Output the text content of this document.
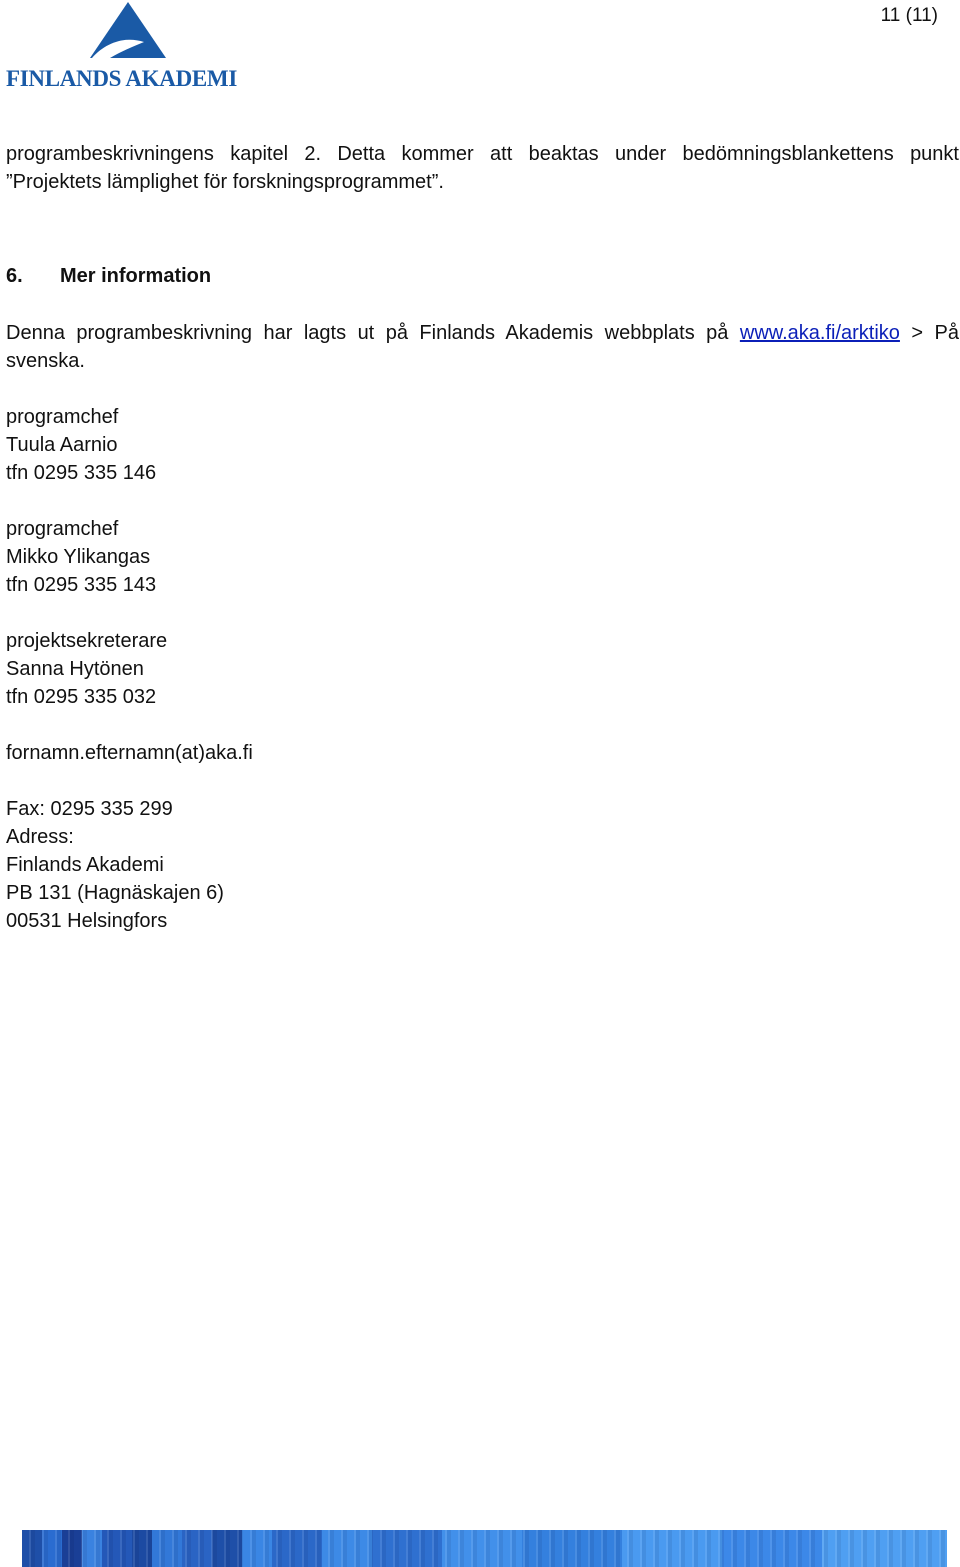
FINLANDS AKADEMI
11 (11)

programbeskrivningens kapitel 2. Detta kommer att beaktas under bedömningsblankettens punkt ”Projektets lämplighet för forskningsprogrammet”.

6. Mer information

Denna programbeskrivning har lagts ut på Finlands Akademis webbplats på www.aka.fi/arktiko > På svenska.

programchef
Tuula Aarnio
tfn 0295 335 146
programchef
Mikko Ylikangas
tfn 0295 335 143
projektsekreterare
Sanna Hytönen
tfn 0295 335 032
fornamn.efternamn(at)aka.fi
Fax: 0295 335 299
Adress:
Finlands Akademi
PB 131 (Hagnäskajen 6)
00531 Helsingfors
